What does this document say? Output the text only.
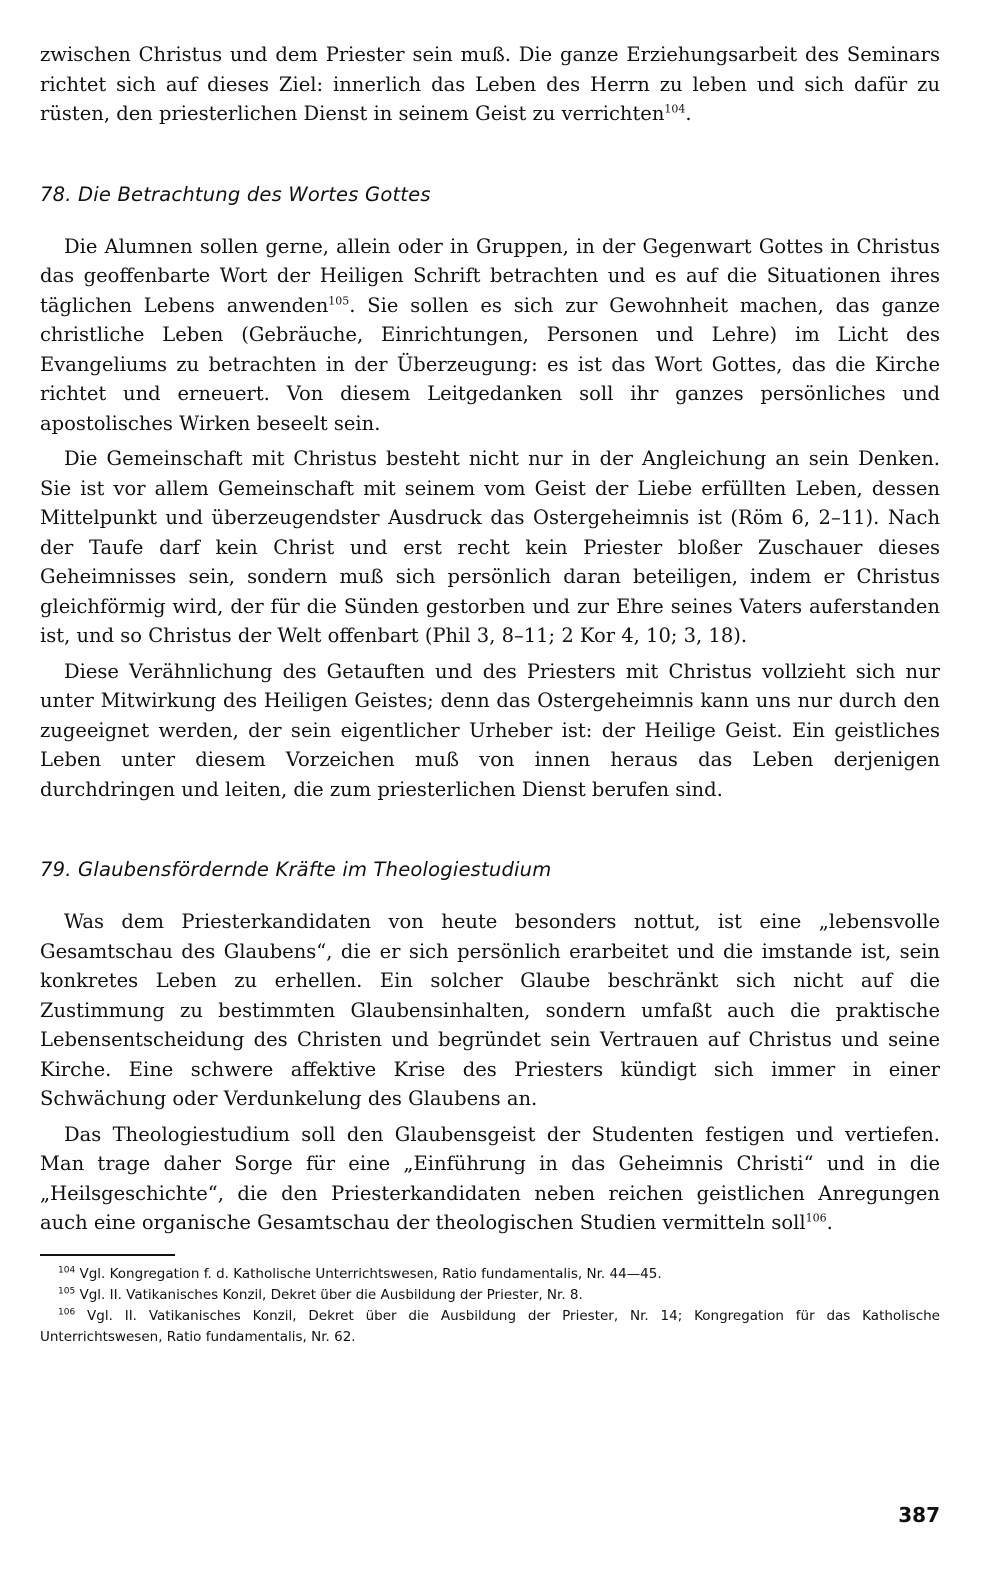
zwischen Christus und dem Priester sein muß. Die ganze Erziehungsarbeit des Seminars richtet sich auf dieses Ziel: innerlich das Leben des Herrn zu leben und sich dafür zu rüsten, den priesterlichen Dienst in seinem Geist zu verrichten$^{104}$.

78. Die Betrachtung des Wortes Gottes

Die Alumnen sollen gerne, allein oder in Gruppen, in der Gegenwart Gottes in Christus das geoffenbarte Wort der Heiligen Schrift betrachten und es auf die Situationen ihres täglichen Lebens anwenden$^{105}$. Sie sollen es sich zur Gewohnheit machen, das ganze christliche Leben (Gebräuche, Einrichtungen, Personen und Lehre) im Licht des Evangeliums zu betrachten in der Überzeugung: es ist das Wort Gottes, das die Kirche richtet und erneuert. Von diesem Leitgedanken soll ihr ganzes persönliches und apostolisches Wirken beseelt sein.

Die Gemeinschaft mit Christus besteht nicht nur in der Angleichung an sein Denken. Sie ist vor allem Gemeinschaft mit seinem vom Geist der Liebe erfüllten Leben, dessen Mittelpunkt und überzeugendster Ausdruck das Ostergeheimnis ist (Röm 6, 2–11). Nach der Taufe darf kein Christ und erst recht kein Priester bloßer Zuschauer dieses Geheimnisses sein, sondern muß sich persönlich daran beteiligen, indem er Christus gleichförmig wird, der für die Sünden gestorben und zur Ehre seines Vaters auferstanden ist, und so Christus der Welt offenbart (Phil 3, 8–11; 2 Kor 4, 10; 3, 18).

Diese Verähnlichung des Getauften und des Priesters mit Christus vollzieht sich nur unter Mitwirkung des Heiligen Geistes; denn das Ostergeheimnis kann uns nur durch den zugeeignet werden, der sein eigentlicher Urheber ist: der Heilige Geist. Ein geistliches Leben unter diesem Vorzeichen muß von innen heraus das Leben derjenigen durchdringen und leiten, die zum priesterlichen Dienst berufen sind.

79. Glaubensfördernde Kräfte im Theologiestudium

Was dem Priesterkandidaten von heute besonders nottut, ist eine „lebensvolle Gesamtschau des Glaubens“, die er sich persönlich erarbeitet und die imstande ist, sein konkretes Leben zu erhellen. Ein solcher Glaube beschränkt sich nicht auf die Zustimmung zu bestimmten Glaubensinhalten, sondern umfaßt auch die praktische Lebensentscheidung des Christen und begründet sein Vertrauen auf Christus und seine Kirche. Eine schwere affektive Krise des Priesters kündigt sich immer in einer Schwächung oder Verdunkelung des Glaubens an.

Das Theologiestudium soll den Glaubensgeist der Studenten festigen und vertiefen. Man trage daher Sorge für eine „Einführung in das Geheimnis Christi“ und in die „Heilsgeschichte“, die den Priesterkandidaten neben reichen geistlichen Anregungen auch eine organische Gesamtschau der theologischen Studien vermitteln soll$^{106}$.

$^{104}$ Vgl. Kongregation f. d. Katholische Unterrichtswesen, Ratio fundamentalis, Nr. 44—45.

$^{105}$ Vgl. II. Vatikanisches Konzil, Dekret über die Ausbildung der Priester, Nr. 8.

$^{106}$ Vgl. II. Vatikanisches Konzil, Dekret über die Ausbildung der Priester, Nr. 14; Kongregation für das Katholische Unterrichtswesen, Ratio fundamentalis, Nr. 62.

387
